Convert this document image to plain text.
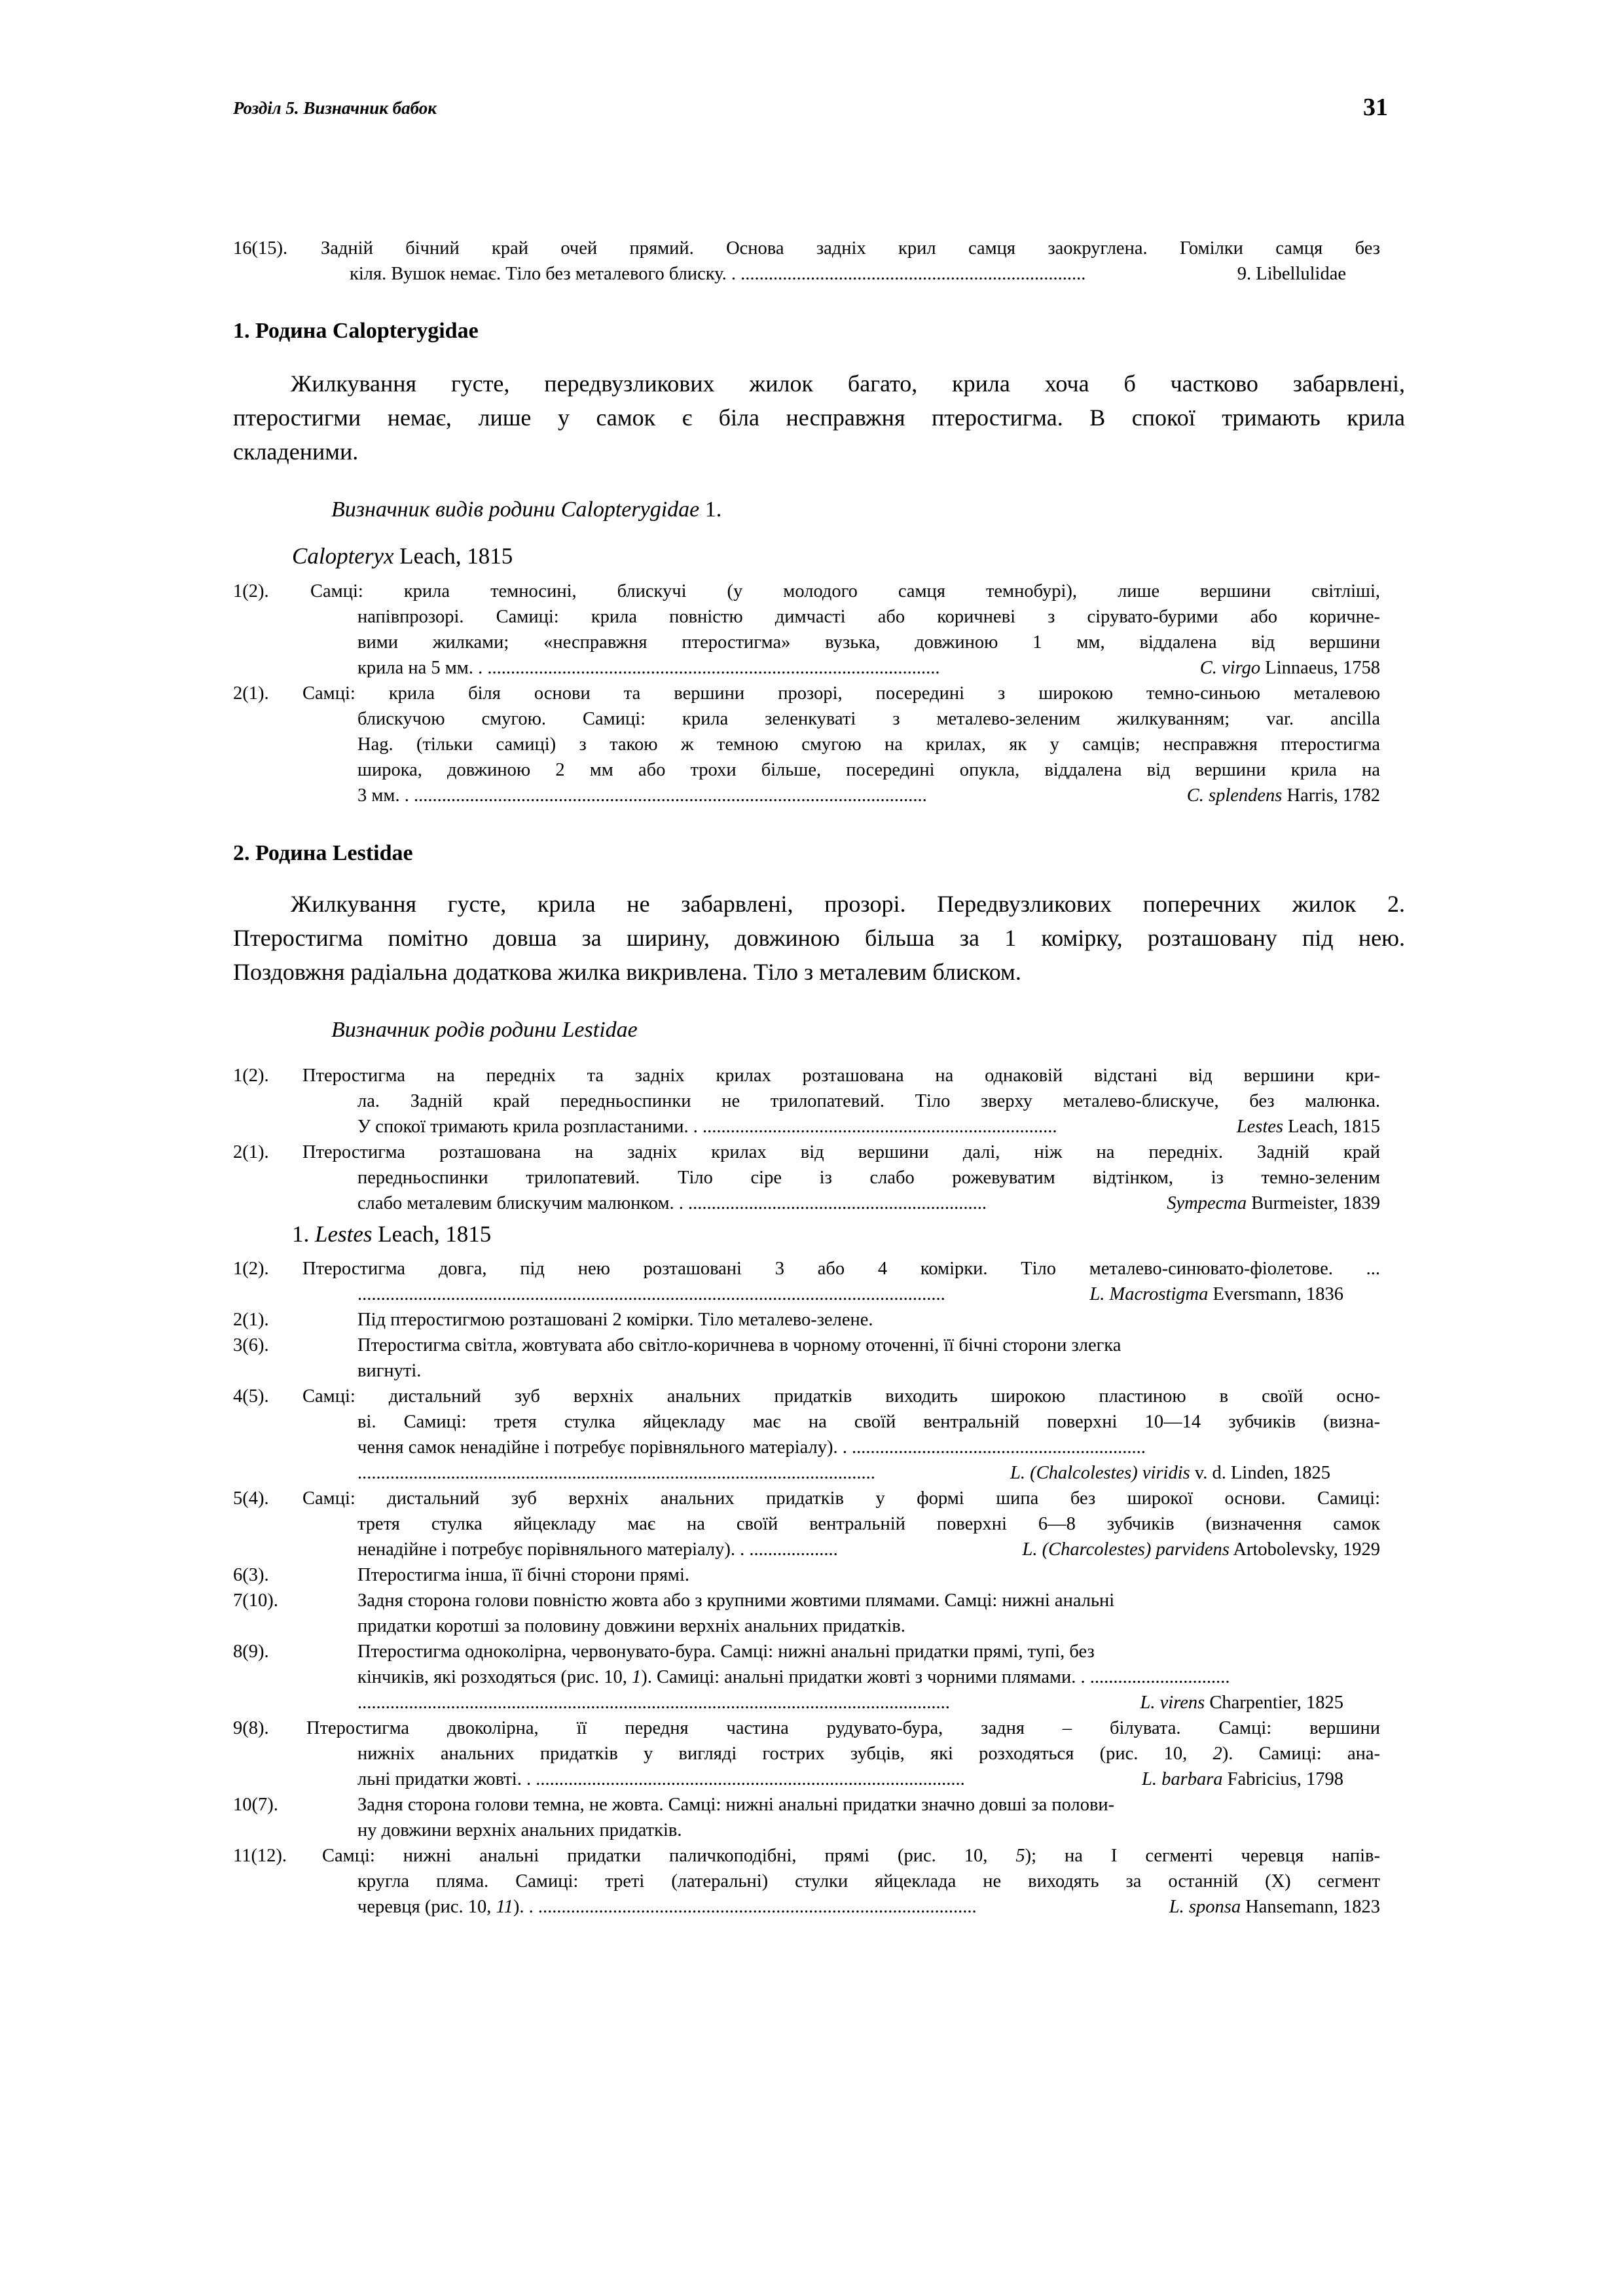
Розділ 5. Визначник бабок	31
16(15). Задній бічний край очей прямий. Основа задніх крил самця заокруглена. Гомілки самця без
кіля. Вушок немає. Тіло без металевого блиску. . ..........................................................................	9. Libellulidae
1. Родина Calopterygidae
Жилкування густе, передвузликових жилок багато, крила хоча б частково забарвлені,
птеростигми немає, лише у самок є біла несправжня птеростигма. В спокої тримають крила
складеними.
Визначник видів родини Calopterygidae 1.
Calopteryx Leach, 1815
1(2). Самці: крила темносині, блискучі (у молодого самця темнобурі), лише вершини світліші,
напівпрозорі. Самиці: крила повністю димчасті або коричневі з сірувато-бурими або коричне-
вими жилками; «несправжня птеростигма» вузька, довжиною 1 мм, віддалена від вершини
крила на 5 мм. . .................................................................................................	C. virgo Linnaeus, 1758
2(1). Самці: крила біля основи та вершини прозорі, посередині з широкою темно-синьою металевою
блискучою смугою. Самиці: крила зеленкуваті з металево-зеленим жилкуванням; var. ancilla
Hag. (тільки самиці) з такою ж темною смугою на крилах, як у самців; несправжня птеростигма
широка, довжиною 2 мм або трохи більше, посередині опукла, віддалена від вершини крила на
3 мм. . ..............................................................................................................	C. splendens Harris, 1782
2. Родина Lestidae
Жилкування густе, крила не забарвлені, прозорі. Передвузликових поперечних жилок 2.
Птеростигма помітно довша за ширину, довжиною більша за 1 комірку, розташовану під нею.
Поздовжня радіальна додаткова жилка викривлена. Тіло з металевим блиском.
Визначник родів родини Lestidae
1(2). Птеростигма на передніх та задніх крилах розташована на однаковій відстані від вершини кри-
ла. Задній край передньоспинки не трилопатевий. Тіло зверху металево-блискуче, без малюнка.
У спокої тримають крила розпластаними. . ............................................................................	Lestes Leach, 1815
2(1). Птеростигма розташована на задніх крилах від вершини далі, ніж на передніх. Задній край
передньоспинки трилопатевий. Тіло сіре із слабо рожевуватим відтінком, із темно-зеленим
слабо металевим блискучим малюнком. . ................................................................	Sympecma Burmeister, 1839
1. Lestes Leach, 1815
1(2). Птеростигма довга, під нею розташовані 3 або 4 комірки. Тіло металево-синювато-фіолетове. ...
..............................................................................................................................	L. Macrostigma Eversmann, 1836
2(1).	Під птеростигмою розташовані 2 комірки. Тіло металево-зелене.
3(6).	Птеростигма світла, жовтувата або світло-коричнева в чорному оточенні, її бічні сторони злегка
вигнуті.
4(5). Самці: дистальний зуб верхніх анальних придатків виходить широкою пластиною в своїй осно-
ві. Самиці: третя стулка яйцекладу має на своїй вентральній поверхні 10—14 зубчиків (визна-
чення самок ненадійне і потребує порівняльного матеріалу). . ...............................................................
...............................................................................................................	L. (Chalcolestes) viridis v. d. Linden, 1825
5(4). Самці: дистальний зуб верхніх анальних придатків у формі шипа без широкої основи. Самиці:
третя стулка яйцекладу має на своїй вентральній поверхні 6—8 зубчиків (визначення самок
ненадійне і потребує порівняльного матеріалу). . ...................	L. (Charcolestes) parvidens Artobolevsky, 1929
6(3).	Птеростигма інша, її бічні сторони прямі.
7(10).	Задня сторона голови повністю жовта або з крупними жовтими плямами. Самці: нижні анальні
придатки коротші за половину довжини верхніх анальних придатків.
8(9).	Птеростигма одноколірна, червонувато-бура. Самці: нижні анальні придатки прямі, тупі, без
кінчиків, які розходяться (рис. 10, 1). Самиці: анальні придатки жовті з чорними плямами. . ..............................
...............................................................................................................................	L. virens Charpentier, 1825
9(8). Птеростигма двоколірна, її передня частина рудувато-бура, задня – білувата. Самці: вершини
нижніх анальних придатків у вигляді гострих зубців, які розходяться (рис. 10, 2). Самиці: ана-
льні придатки жовті. . ............................................................................................	L. barbara Fabricius, 1798
10(7).	Задня сторона голови темна, не жовта. Самці: нижні анальні придатки значно довші за полови-
ну довжини верхніх анальних придатків.
11(12). Самці: нижні анальні придатки паличкоподібні, прямі (рис. 10, 5); на I сегменті черевця напів-
кругла пляма. Самиці: треті (латеральні) стулки яйцеклада не виходять за останній (X) сегмент
черевця (рис. 10, 11). . ..............................................................................................	L. sponsa Hansemann, 1823
